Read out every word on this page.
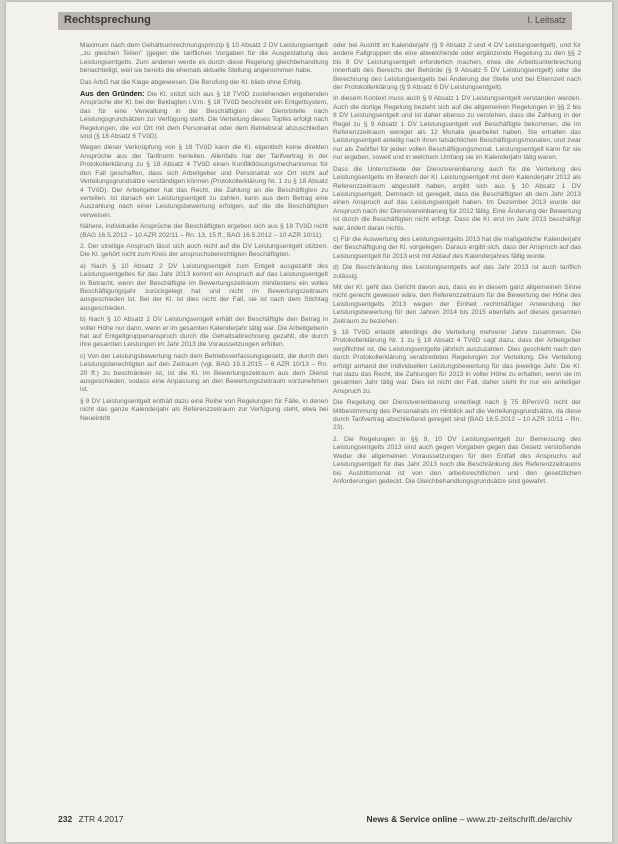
Rechtsprechung	I. Leitsatz

Maximum nach dem Gehaltsumrechnungsprinzip § 10 Absatz 2 DV Leistungsentgelt ,,zu gleichen Teilen" (gegen die tariflichen Vorgaben für die Ausgestaltung des Leistungsentgelts. Zum anderen werde es durch diese Regelung gleichbehandlung benachteiligt, weil sie bereits die ehemals aktuelle Stellung angenommen habe.

Das ArbG hat die Klage abgewiesen. Die Berufung der Kl. blieb ohne Erfolg.

Aus den Gründen: Die Kl. stützt sich aus § 18 TVöD zustehenden ergebenden Ansprüche der Kl. bei der Beklagten i.V.m. § 18 TVöD beschreibt ein Entgeltsystem, das für eine Verwaltung in der Beschäftigten der Dienststelle nach Leistungsgrundsätzen zur Verfügung steht. Die Verteilung dieses Topfes erfolgt nach Regelungen, die vor Ort mit dem Personalrat oder dem Betriebsrat abzuschließen sind (§ 18 Absatz 6 TVöD).

Wegen dieser Verknüpfung von § 18 TVöD kann die Kl. eigentlich keine direkten Ansprüche aus der Tarifnorm herleiten. Allenfalls hat der Tarifvertrag in der Protokollerklärung zu § 18 Absatz 4 TVöD einen Konfliktlösungsmechanismus für den Fall geschaffen, dass sich Arbeitgeber und Personalrat vor Ort nicht auf Verteilungsgrundsätze verständigen können (Protokollerklärung Nr. 1 zu § 18 Absatz 4 TVöD). Der Arbeitgeber hat das Recht, die Zahlung an die Beschäftigten zu verteilen. Ist danach ein Leistungsentgelt zu zahlen, kann aus dem Betrag eine Auszahlung nach einer Leistungsbewertung erfolgen, auf die die Beschäftigten verweisen.

Nähere, individuelle Ansprüche der Beschäftigten ergeben sich aus § 18 TVöD nicht (BAG 16.5.2012 – 10 AZR 202/11 – Rn. 13, 15 ff.; BAG 16.5.2012 – 10 AZR 10/11).

2. Der streitige Anspruch lässt sich auch nicht auf die DV Leistungsentgelt stützen. Die Kl. gehört nicht zum Kreis der anspruchsberechtigten Beschäftigten.

a) Nach § 10 Absatz 2 DV Leistungsentgelt zum Entgelt ausgezahlt des Leistungsentgeltes für das Jahr 2013 kommt ein Anspruch auf das Leistungsentgelt in Betracht, wenn der Beschäftigte im Bewertungszeitraum mindestens ein volles Beschäftigungsjahr zurückgelegt hat und nicht im Bewertungszeitraum ausgeschieden ist. Bei der Kl. ist dies nicht der Fall, sie ist nach dem Stichtag ausgeschieden.

b) Nach § 10 Absatz 2 DV Leistungsentgelt erhält der Beschäftigte den Betrag in voller Höhe nur dann, wenn er im gesamten Kalenderjahr tätig war. Die Arbeitgeberin hat auf Entgeltgruppenanspruch durch die Gehaltsabrechnung gezahlt, die durch ihre gesamten Leistungen im Jahr 2013 die Voraussetzungen erfüllen.

c) Von der Leistungsbewertung nach dem Betriebsverfassungsgesetz, die durch den Leistungsberechtigten auf den Zeitraum (vgl. BAG 19.3.2015 – 6 AZR 10/13 – Rn. 20 ff.) zu beschränken ist, ist die Kl. im Bewertungszeitraum aus dem Dienst ausgeschieden, sodass eine Anpassung an den Bewertungszeitraum vorzunehmen ist.

§ 9 DV Leistungsentgelt enthält dazu eine Reihe von Regelungen für Fälle, in denen nicht das ganze Kalenderjahr als Referenzzeitraum zur Verfügung steht, etwa bei Neueintritt

oder bei Austritt im Kalenderjahr (§ 9 Absatz 2 und 4 DV Leistungsentgelt), und für andere Fallgruppen die eine abweichende oder ergänzende Regelung zu den §§ 2 bis 8 DV Leistungsentgelt erforderlich machen, etwa die Arbeitsunterbrechung innerhalb des Bereichs der Behörde (§ 9 Absatz 5 DV Leistungsentgelt) oder die Berechnung des Leistungsentgelts bei Änderung der Stelle und bei Elternzeit nach der Protokollerklärung (§ 9 Absatz 6 DV Leistungsentgelt).

In diesem Kontext muss auch § 9 Absatz 1 DV Leistungsentgelt verstanden werden. Auch die dortige Regelung bezieht sich auf die allgemeinen Regelungen in §§ 2 bis 8 DV Leistungsentgelt und ist daher ebenso zu verstehen, dass die Zahlung in der Regel zu § 9 Absatz 1 DV Leistungsentgelt voll Beschäftigte bekommen, die im Referenzzeitraum weniger als 12 Monate gearbeitet haben. Sie erhalten das Leistungsentgelt anteilig nach ihren tatsächlichen Beschäftigungsmonaten, und zwar nur als Zwölftel für jeden vollen Beschäftigungsmonat. Leistungsentgelt kann für sie nur ergeben, soweit und in welchem Umfang sie im Kalenderjahr tätig waren.

Dass die Unterschiede der Dienstvereinbarung auch für die Verteilung des Leistungsentgelts im Bereich der Kl. Leistungsentgelt mit dem Kalenderjahr 2012 als Referenzzeitraum abgestellt haben, ergibt sich aus § 10 Absatz 1 DV Leistungsentgelt. Demnach ist geregelt, dass die Beschäftigten ab dem Jahr 2013 einen Anspruch auf das Leistungsentgelt haben. Im Dezember 2013 wurde der Anspruch nach der Dienstvereinbarung für 2012 fällig. Eine Änderung der Bewertung ist durch die Beschäftigten nicht erfolgt. Dass die Kl. erst im Jahr 2013 beschäftigt war, ändert daran nichts.

c) Für die Auswertung des Leistungsentgelts 2013 hat die maßgebliche Kalenderjahr der Beschäftigung der Kl. vorgelegen. Daraus ergibt sich, dass der Anspruch auf das Leistungsentgelt für 2013 erst mit Ablauf des Kalenderjahres fällig wurde.

d) Die Beschränkung des Leistungsentgelts auf das Jahr 2013 ist auch tariflich zulässig.

Mit der Kl. geht das Gericht davon aus, dass es in diesem ganz allgemeinen Sinne nicht gerecht gewesen wäre, den Referenzzeitraum für die Bewertung der Höhe des Leistungsentgelts 2013 wegen der Einheit rechtmäßiger Anwendung der Leistungsbewertung für den Jahren 2014 bis 2015 ebenfalls auf dieses gesamten Zeitraum zu beziehen.

§ 18 TVöD erlaubt allerdings die Verteilung mehrerer Jahre zusammen. Die Protokollerklärung Nr. 1 zu § 18 Absatz 4 TVöD sagt dazu, dass der Arbeitgeber verpflichtet ist, die Leistungsentgelte jährlich auszuzahlen. Dies geschieht nach den durch Protokollerklärung verabredeten Regelungen zur Verteilung. Die Verteilung erfolgt anhand der individuellen Leistungsbewertung für das jeweilige Jahr. Die Kl. hat dazu das Recht, die Zahlungen für 2013 in voller Höhe zu erhalten, wenn sie im gesamten Jahr tätig war. Dies ist nicht der Fall, daher steht ihr nur ein anteiliger Anspruch zu.

Die Regelung der Dienstvereinbarung unterliegt nach § 75 BPersVG nicht der Mitbestimmung des Personalrats im Hinblick auf die Verteilungsgrundsätze, da diese durch Tarifvertrag abschließend geregelt sind (BAG 16.5.2012 – 10 AZR 10/11 – Rn. 23).

2. Die Regelungen in §§ 9, 10 DV Leistungsentgelt zur Bemessung des Leistungsentgelts 2013 sind auch gegen Vorgaben gegen das Gesetz verstoßende Weder die allgemeinen Voraussetzungen für den Entfall des Anspruchs auf Leistungsentgelt für das Jahr 2013 noch die Beschränkung des Referenzzeitraums bis Austrittsmonat ist von den arbeitsrechtlichen und den gesetzlichen Anforderungen gedeckt. Die Gleichbehandlungsgrundsätze sind gewahrt.

232 ZTR 4.2017	News & Service online – www.ztr-zeitschrift.de/archiv
